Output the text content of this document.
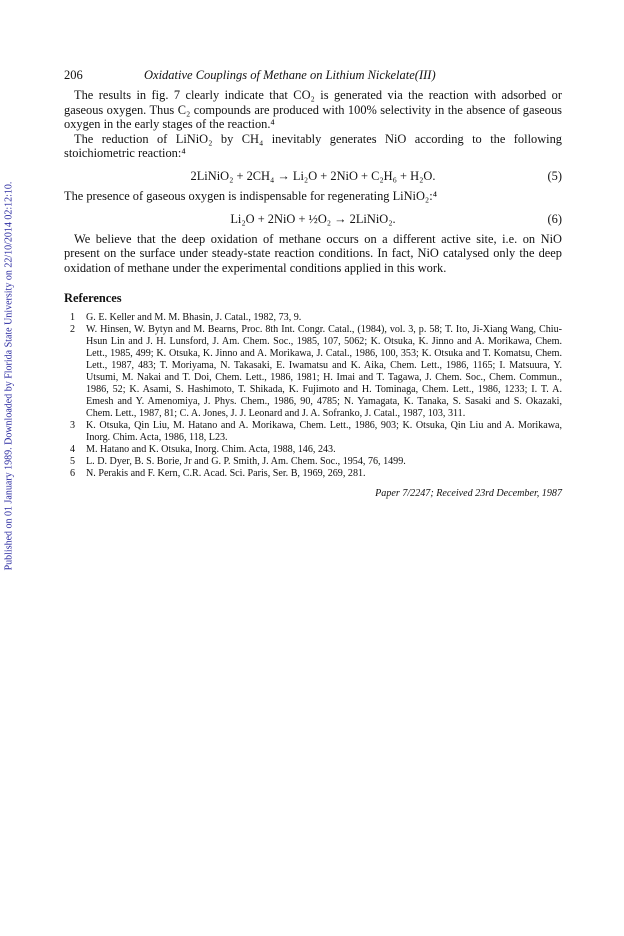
Published on 01 January 1989. Downloaded by Florida State University on 22/10/2014 02:12:10.
206	Oxidative Couplings of Methane on Lithium Nickelate(III)

The results in fig. 7 clearly indicate that CO₂ is generated via the reaction with adsorbed or gaseous oxygen. Thus C₂ compounds are produced with 100% selectivity in the absence of gaseous oxygen in the early stages of the reaction.⁴

The reduction of LiNiO₂ by CH₄ inevitably generates NiO according to the following stoichiometric reaction:⁴

2LiNiO₂ + 2CH₄ → Li₂O + 2NiO + C₂H₆ + H₂O.	(5)

The presence of gaseous oxygen is indispensable for regenerating LiNiO₂:⁴

Li₂O + 2NiO + ½O₂ → 2LiNiO₂.	(6)

We believe that the deep oxidation of methane occurs on a different active site, i.e. on NiO present on the surface under steady-state reaction conditions. In fact, NiO catalysed only the deep oxidation of methane under the experimental conditions applied in this work.

References
1	G. E. Keller and M. M. Bhasin, J. Catal., 1982, 73, 9.
2	W. Hinsen, W. Bytyn and M. Bearns, Proc. 8th Int. Congr. Catal., (1984), vol. 3, p. 58; T. Ito, Ji-Xiang Wang, Chiu-Hsun Lin and J. H. Lunsford, J. Am. Chem. Soc., 1985, 107, 5062; K. Otsuka, K. Jinno and A. Morikawa, Chem. Lett., 1985, 499; K. Otsuka, K. Jinno and A. Morikawa, J. Catal., 1986, 100, 353; K. Otsuka and T. Komatsu, Chem. Lett., 1987, 483; T. Moriyama, N. Takasaki, E. Iwamatsu and K. Aika, Chem. Lett., 1986, 1165; I. Matsuura, Y. Utsumi, M. Nakai and T. Doi, Chem. Lett., 1986, 1981; H. Imai and T. Tagawa, J. Chem. Soc., Chem. Commun., 1986, 52; K. Asami, S. Hashimoto, T. Shikada, K. Fujimoto and H. Tominaga, Chem. Lett., 1986, 1233; I. T. A. Emesh and Y. Amenomiya, J. Phys. Chem., 1986, 90, 4785; N. Yamagata, K. Tanaka, S. Sasaki and S. Okazaki, Chem. Lett., 1987, 81; C. A. Jones, J. J. Leonard and J. A. Sofranko, J. Catal., 1987, 103, 311.
3	K. Otsuka, Qin Liu, M. Hatano and A. Morikawa, Chem. Lett., 1986, 903; K. Otsuka, Qin Liu and A. Morikawa, Inorg. Chim. Acta, 1986, 118, L23.
4	M. Hatano and K. Otsuka, Inorg. Chim. Acta, 1988, 146, 243.
5	L. D. Dyer, B. S. Borie, Jr and G. P. Smith, J. Am. Chem. Soc., 1954, 76, 1499.
6	N. Perakis and F. Kern, C.R. Acad. Sci. Paris, Ser. B, 1969, 269, 281.
Paper 7/2247; Received 23rd December, 1987
